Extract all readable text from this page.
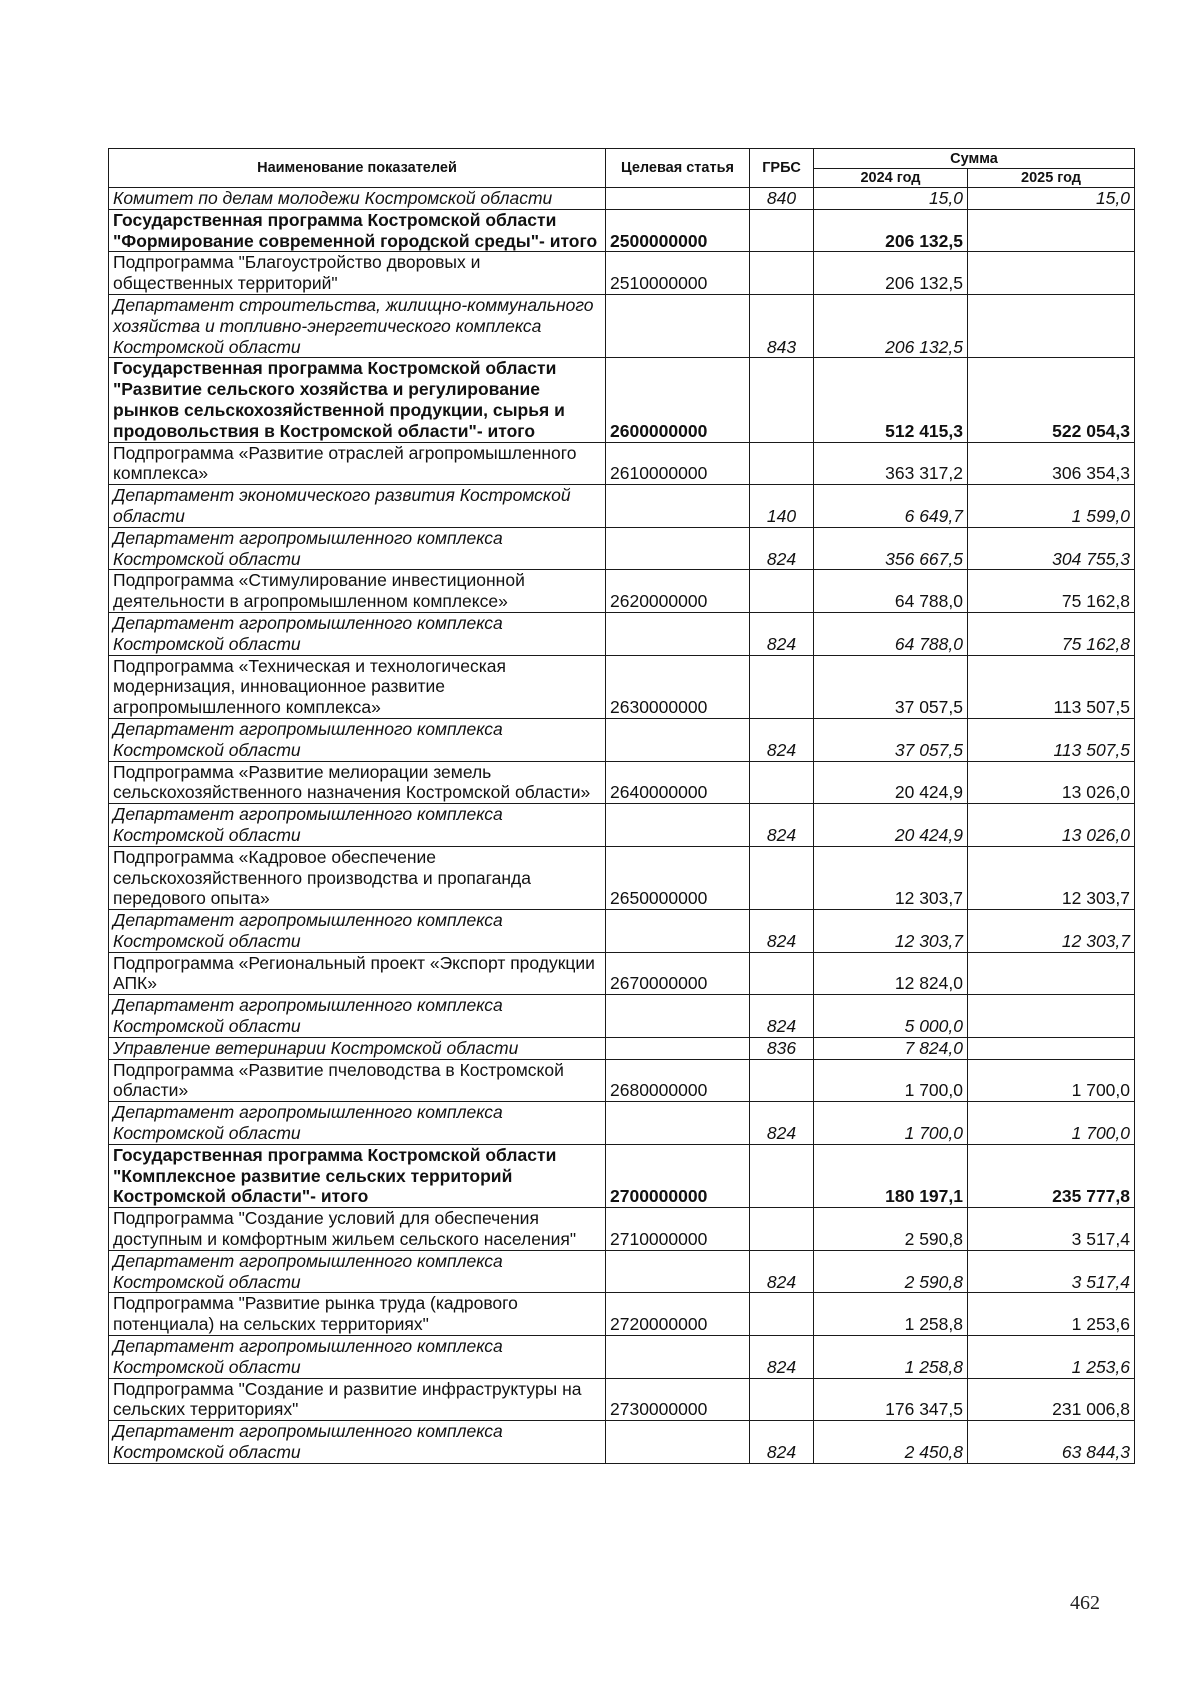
Наименование показателей	Целевая статья	ГРБС	Сумма	
			2024 год	2025 год
Комитет по делам молодежи Костромской области		840	15,0	15,0
Государственная программа Костромской области "Формирование современной городской среды"- итого	2500000000		206 132,5	
Подпрограмма "Благоустройство дворовых и общественных территорий"	2510000000		206 132,5	
Департамент строительства, жилищно-коммунального хозяйства и топливно-энергетического комплекса Костромской области		843	206 132,5	
Государственная программа Костромской области "Развитие сельского хозяйства и регулирование рынков сельскохозяйственной продукции, сырья и продовольствия в Костромской области"- итого	2600000000		512 415,3	522 054,3
Подпрограмма «Развитие отраслей агропромышленного комплекса»	2610000000		363 317,2	306 354,3
Департамент экономического развития Костромской области		140	6 649,7	1 599,0
Департамент агропромышленного комплекса Костромской области		824	356 667,5	304 755,3
Подпрограмма «Стимулирование инвестиционной деятельности в агропромышленном комплексе»	2620000000		64 788,0	75 162,8
Департамент агропромышленного комплекса Костромской области		824	64 788,0	75 162,8
Подпрограмма «Техническая и технологическая модернизация, инновационное развитие агропромышленного комплекса»	2630000000		37 057,5	113 507,5
Департамент агропромышленного комплекса Костромской области		824	37 057,5	113 507,5
Подпрограмма «Развитие мелиорации земель сельскохозяйственного назначения Костромской области»	2640000000		20 424,9	13 026,0
Департамент агропромышленного комплекса Костромской области		824	20 424,9	13 026,0
Подпрограмма «Кадровое обеспечение сельскохозяйственного производства и пропаганда передового опыта»	2650000000		12 303,7	12 303,7
Департамент агропромышленного комплекса Костромской области		824	12 303,7	12 303,7
Подпрограмма «Региональный проект «Экспорт продукции АПК»	2670000000		12 824,0	
Департамент агропромышленного комплекса Костромской области		824	5 000,0	
Управление ветеринарии Костромской области		836	7 824,0	
Подпрограмма «Развитие пчеловодства в Костромской области»	2680000000		1 700,0	1 700,0
Департамент агропромышленного комплекса Костромской области		824	1 700,0	1 700,0
Государственная программа Костромской области "Комплексное развитие сельских территорий Костромской области"- итого	2700000000		180 197,1	235 777,8
Подпрограмма "Создание условий для обеспечения доступным и комфортным жильем сельского населения"	2710000000		2 590,8	3 517,4
Департамент агропромышленного комплекса Костромской области		824	2 590,8	3 517,4
Подпрограмма "Развитие рынка труда (кадрового потенциала) на сельских территориях"	2720000000		1 258,8	1 253,6
Департамент агропромышленного комплекса Костромской области		824	1 258,8	1 253,6
Подпрограмма "Создание и развитие инфраструктуры на сельских территориях"	2730000000		176 347,5	231 006,8
Департамент агропромышленного комплекса Костромской области		824	2 450,8	63 844,3
462
